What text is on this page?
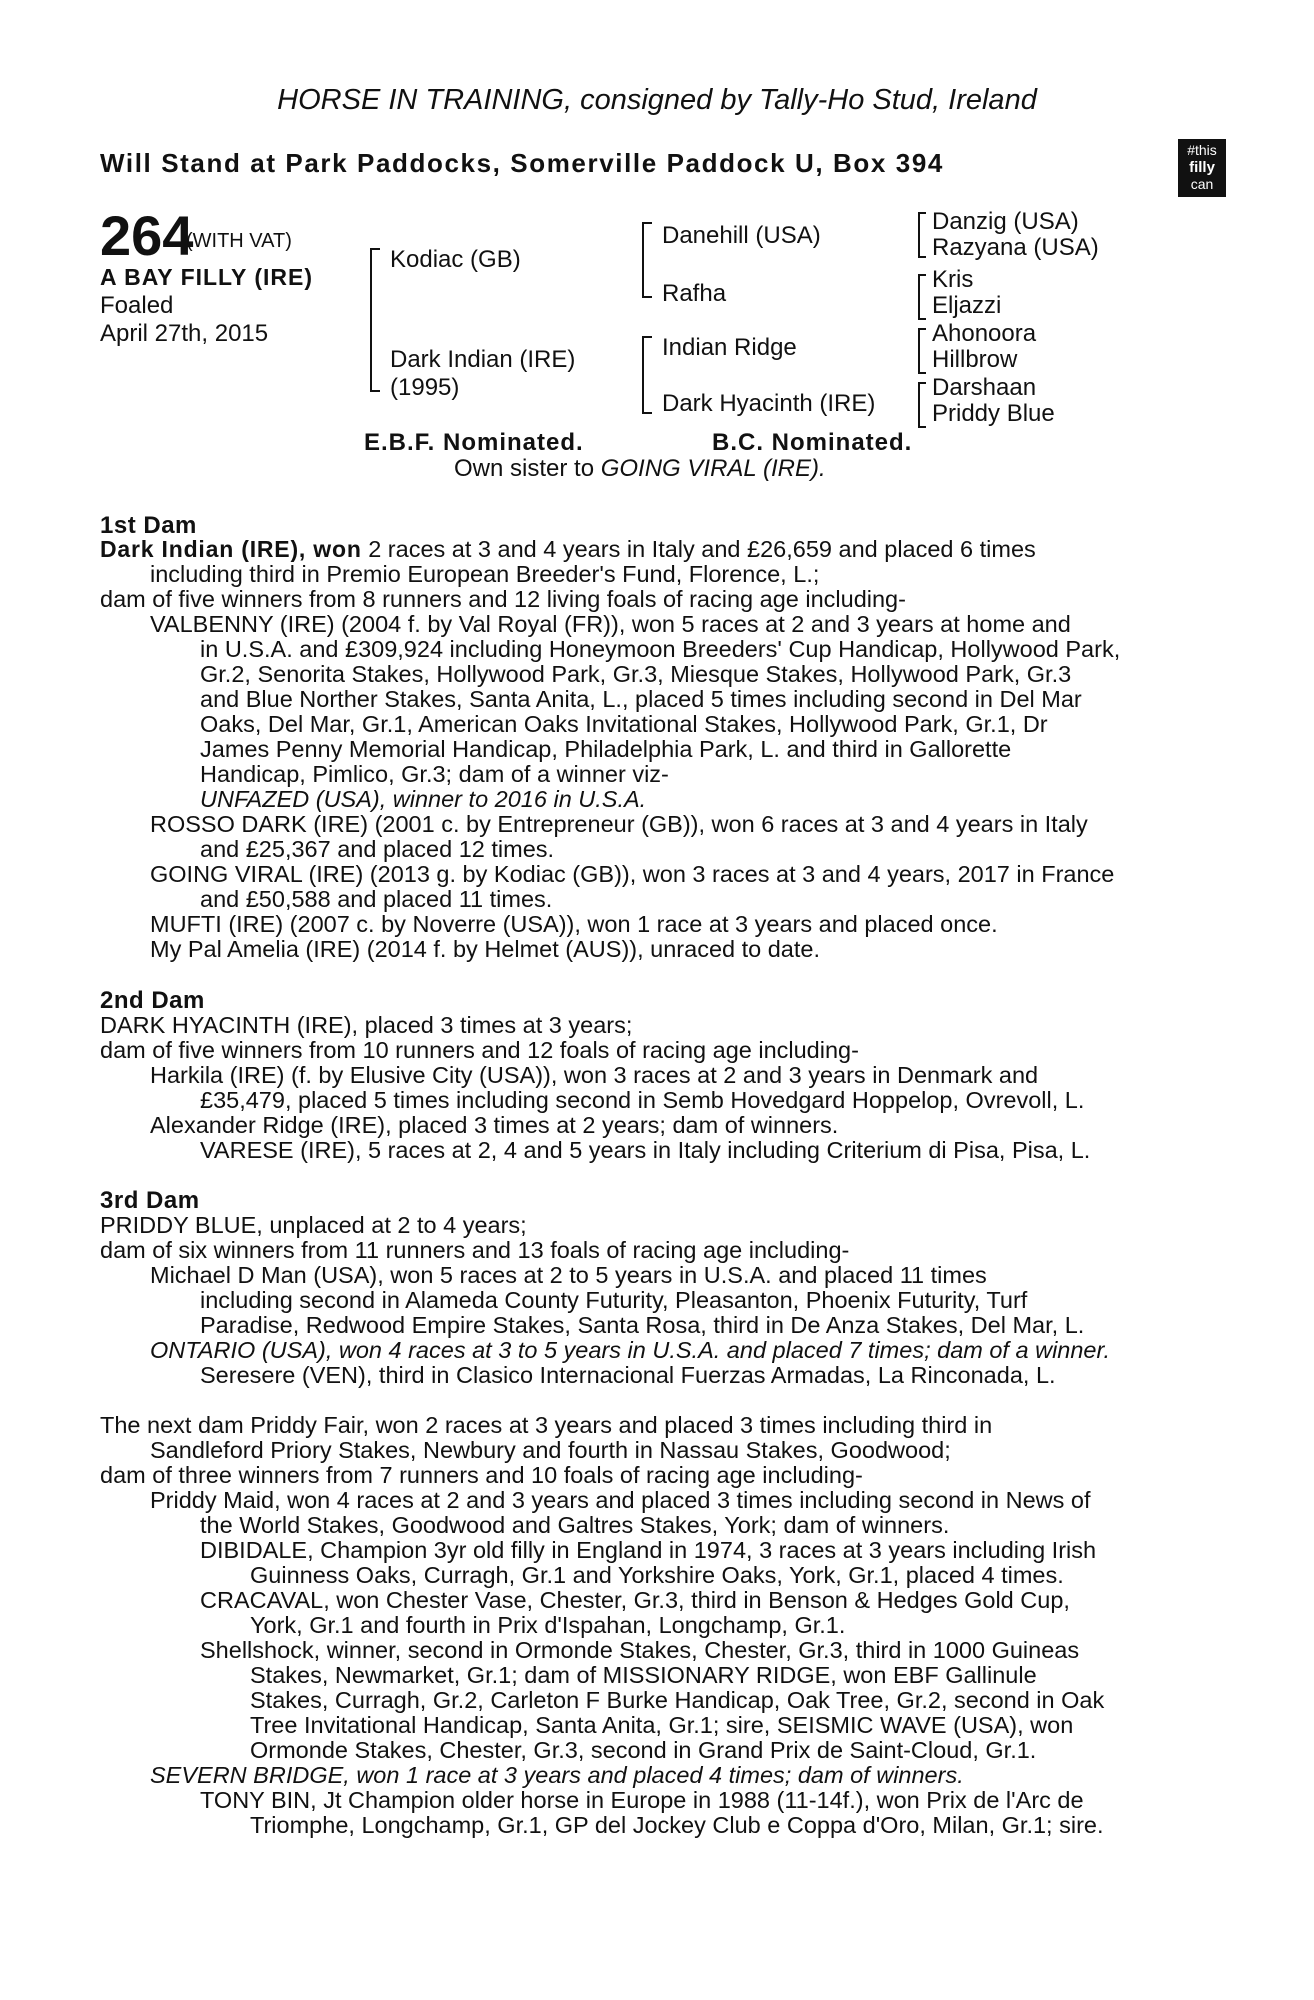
HORSE IN TRAINING, consigned by Tally-Ho Stud, Ireland
Will Stand at Park Paddocks, Somerville Paddock U, Box 394	#this
filly
can
264
(WITH VAT)
A BAY FILLY (IRE)
Foaled
April 27th, 2015
Kodiac (GB)
Dark Indian (IRE)
(1995)
Danehill (USA)
Rafha
Indian Ridge
Dark Hyacinth (IRE)
Danzig (USA)
Razyana (USA)
Kris
Eljazzi
Ahonoora
Hillbrow
Darshaan
Priddy Blue
E.B.F. Nominated.	B.C. Nominated.
Own sister to GOING VIRAL (IRE).
1st Dam
Dark Indian (IRE), won 2 races at 3 and 4 years in Italy and £26,659 and placed 6 times
including third in Premio European Breeder's Fund, Florence, L.;
dam of five winners from 8 runners and 12 living foals of racing age including-
VALBENNY (IRE) (2004 f. by Val Royal (FR)), won 5 races at 2 and 3 years at home and
in U.S.A. and £309,924 including Honeymoon Breeders' Cup Handicap, Hollywood Park,
Gr.2, Senorita Stakes, Hollywood Park, Gr.3, Miesque Stakes, Hollywood Park, Gr.3
and Blue Norther Stakes, Santa Anita, L., placed 5 times including second in Del Mar
Oaks, Del Mar, Gr.1, American Oaks Invitational Stakes, Hollywood Park, Gr.1, Dr
James Penny Memorial Handicap, Philadelphia Park, L. and third in Gallorette
Handicap, Pimlico, Gr.3; dam of a winner viz-
UNFAZED (USA), winner to 2016 in U.S.A.
ROSSO DARK (IRE) (2001 c. by Entrepreneur (GB)), won 6 races at 3 and 4 years in Italy
and £25,367 and placed 12 times.
GOING VIRAL (IRE) (2013 g. by Kodiac (GB)), won 3 races at 3 and 4 years, 2017 in France
and £50,588 and placed 11 times.
MUFTI (IRE) (2007 c. by Noverre (USA)), won 1 race at 3 years and placed once.
My Pal Amelia (IRE) (2014 f. by Helmet (AUS)), unraced to date.
2nd Dam
DARK HYACINTH (IRE), placed 3 times at 3 years;
dam of five winners from 10 runners and 12 foals of racing age including-
Harkila (IRE) (f. by Elusive City (USA)), won 3 races at 2 and 3 years in Denmark and
£35,479, placed 5 times including second in Semb Hovedgard Hoppelop, Ovrevoll, L.
Alexander Ridge (IRE), placed 3 times at 2 years; dam of winners.
VARESE (IRE), 5 races at 2, 4 and 5 years in Italy including Criterium di Pisa, Pisa, L.
3rd Dam
PRIDDY BLUE, unplaced at 2 to 4 years;
dam of six winners from 11 runners and 13 foals of racing age including-
Michael D Man (USA), won 5 races at 2 to 5 years in U.S.A. and placed 11 times
including second in Alameda County Futurity, Pleasanton, Phoenix Futurity, Turf
Paradise, Redwood Empire Stakes, Santa Rosa, third in De Anza Stakes, Del Mar, L.
ONTARIO (USA), won 4 races at 3 to 5 years in U.S.A. and placed 7 times; dam of a winner.
Seresere (VEN), third in Clasico Internacional Fuerzas Armadas, La Rinconada, L.
The next dam Priddy Fair, won 2 races at 3 years and placed 3 times including third in
Sandleford Priory Stakes, Newbury and fourth in Nassau Stakes, Goodwood;
dam of three winners from 7 runners and 10 foals of racing age including-
Priddy Maid, won 4 races at 2 and 3 years and placed 3 times including second in News of
the World Stakes, Goodwood and Galtres Stakes, York; dam of winners.
DIBIDALE, Champion 3yr old filly in England in 1974, 3 races at 3 years including Irish
Guinness Oaks, Curragh, Gr.1 and Yorkshire Oaks, York, Gr.1, placed 4 times.
CRACAVAL, won Chester Vase, Chester, Gr.3, third in Benson & Hedges Gold Cup,
York, Gr.1 and fourth in Prix d'Ispahan, Longchamp, Gr.1.
Shellshock, winner, second in Ormonde Stakes, Chester, Gr.3, third in 1000 Guineas
Stakes, Newmarket, Gr.1; dam of MISSIONARY RIDGE, won EBF Gallinule
Stakes, Curragh, Gr.2, Carleton F Burke Handicap, Oak Tree, Gr.2, second in Oak
Tree Invitational Handicap, Santa Anita, Gr.1; sire, SEISMIC WAVE (USA), won
Ormonde Stakes, Chester, Gr.3, second in Grand Prix de Saint-Cloud, Gr.1.
SEVERN BRIDGE, won 1 race at 3 years and placed 4 times; dam of winners.
TONY BIN, Jt Champion older horse in Europe in 1988 (11-14f.), won Prix de l'Arc de
Triomphe, Longchamp, Gr.1, GP del Jockey Club e Coppa d'Oro, Milan, Gr.1; sire.
